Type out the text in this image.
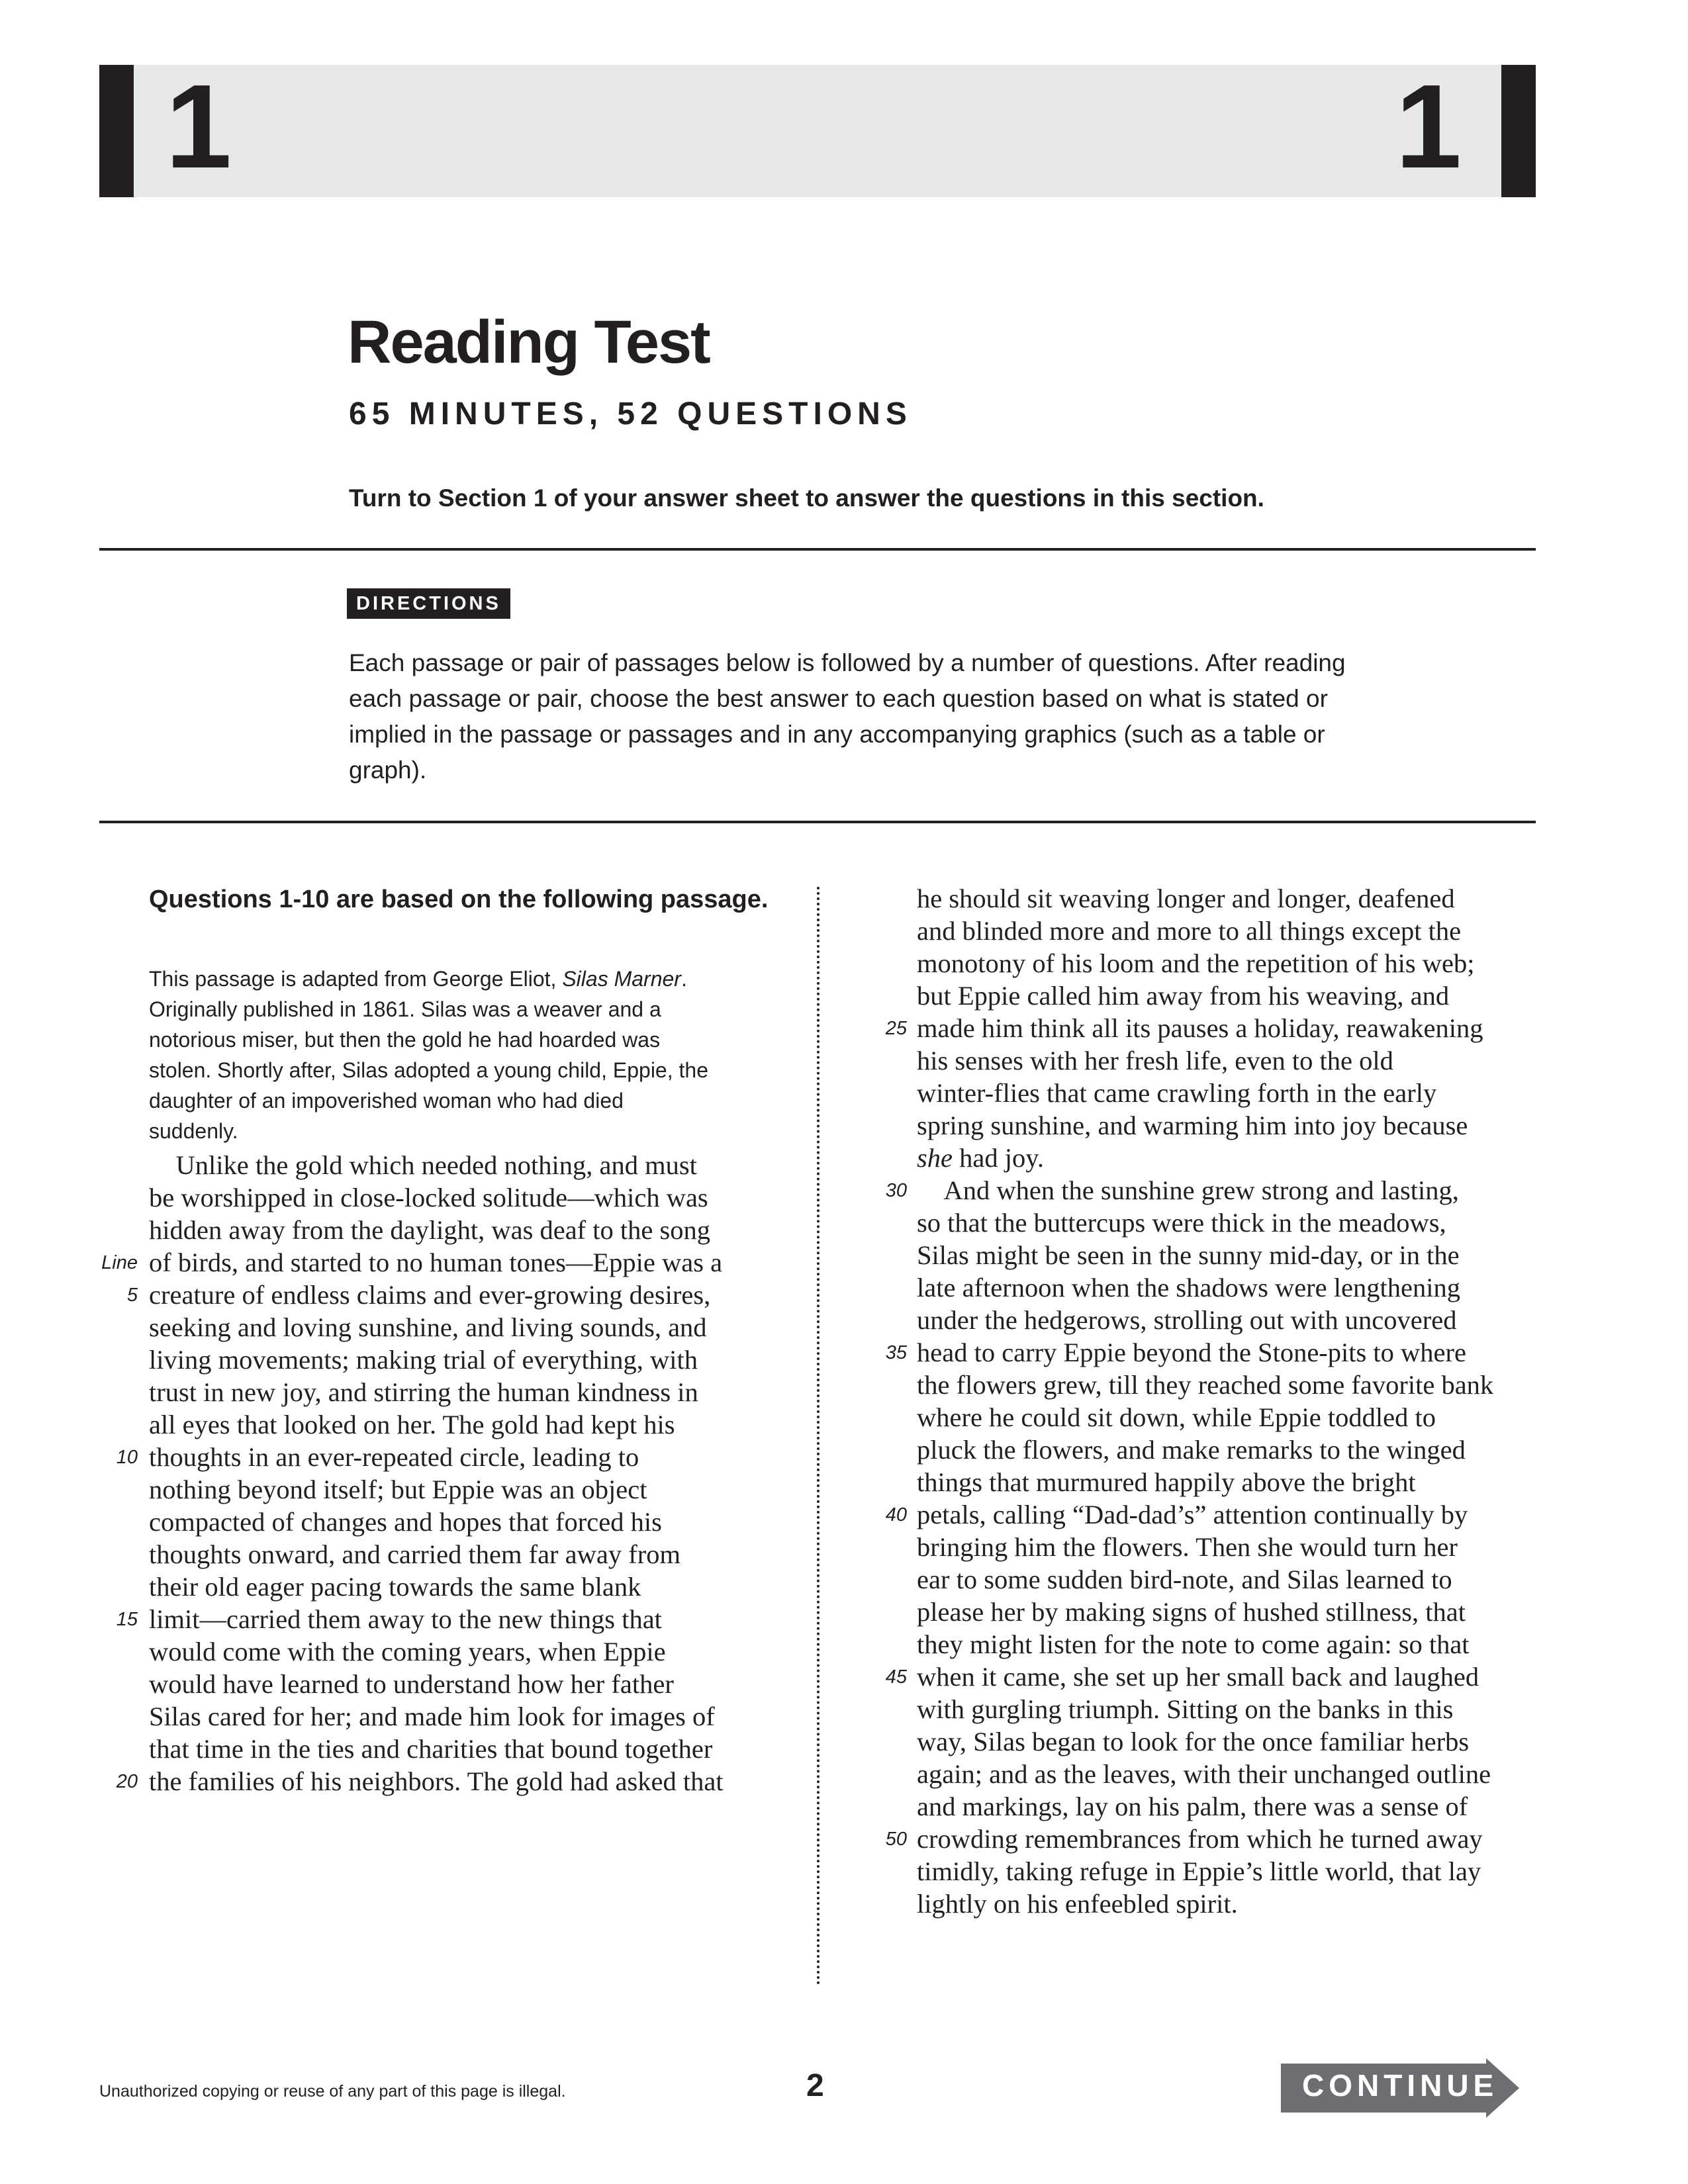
1	1
Reading Test
65 MINUTES, 52 QUESTIONS
Turn to Section 1 of your answer sheet to answer the questions in this section.
DIRECTIONS
Each passage or pair of passages below is followed by a number of questions. After reading
each passage or pair, choose the best answer to each question based on what is stated or
implied in the passage or passages and in any accompanying graphics (such as a table or
graph).
Questions 1-10 are based on the following passage.
This passage is adapted from George Eliot, Silas Marner.
Originally published in 1861. Silas was a weaver and a
notorious miser, but then the gold he had hoarded was
stolen. Shortly after, Silas adopted a young child, Eppie, the
daughter of an impoverished woman who had died
suddenly.
 Unlike the gold which needed nothing, and must
be worshipped in close-locked solitude—which was
hidden away from the daylight, was deaf to the song
of birds, and started to no human tones—Eppie was a
creature of endless claims and ever-growing desires,
seeking and loving sunshine, and living sounds, and
living movements; making trial of everything, with
trust in new joy, and stirring the human kindness in
all eyes that looked on her. The gold had kept his
thoughts in an ever-repeated circle, leading to
nothing beyond itself; but Eppie was an object
compacted of changes and hopes that forced his
thoughts onward, and carried them far away from
their old eager pacing towards the same blank
limit—carried them away to the new things that
would come with the coming years, when Eppie
would have learned to understand how her father
Silas cared for her; and made him look for images of
that time in the ties and charities that bound together
the families of his neighbors. The gold had asked that
Line
5
10
15
20
he should sit weaving longer and longer, deafened
and blinded more and more to all things except the
monotony of his loom and the repetition of his web;
but Eppie called him away from his weaving, and
made him think all its pauses a holiday, reawakening
his senses with her fresh life, even to the old
winter-flies that came crawling forth in the early
spring sunshine, and warming him into joy because
she had joy.
 And when the sunshine grew strong and lasting,
so that the buttercups were thick in the meadows,
Silas might be seen in the sunny mid-day, or in the
late afternoon when the shadows were lengthening
under the hedgerows, strolling out with uncovered
head to carry Eppie beyond the Stone-pits to where
the flowers grew, till they reached some favorite bank
where he could sit down, while Eppie toddled to
pluck the flowers, and make remarks to the winged
things that murmured happily above the bright
petals, calling “Dad-dad’s” attention continually by
bringing him the flowers. Then she would turn her
ear to some sudden bird-note, and Silas learned to
please her by making signs of hushed stillness, that
they might listen for the note to come again: so that
when it came, she set up her small back and laughed
with gurgling triumph. Sitting on the banks in this
way, Silas began to look for the once familiar herbs
again; and as the leaves, with their unchanged outline
and markings, lay on his palm, there was a sense of
crowding remembrances from which he turned away
timidly, taking refuge in Eppie’s little world, that lay
lightly on his enfeebled spirit.
25
30
35
40
45
50
Unauthorized copying or reuse of any part of this page is illegal.	2	CONTINUE
